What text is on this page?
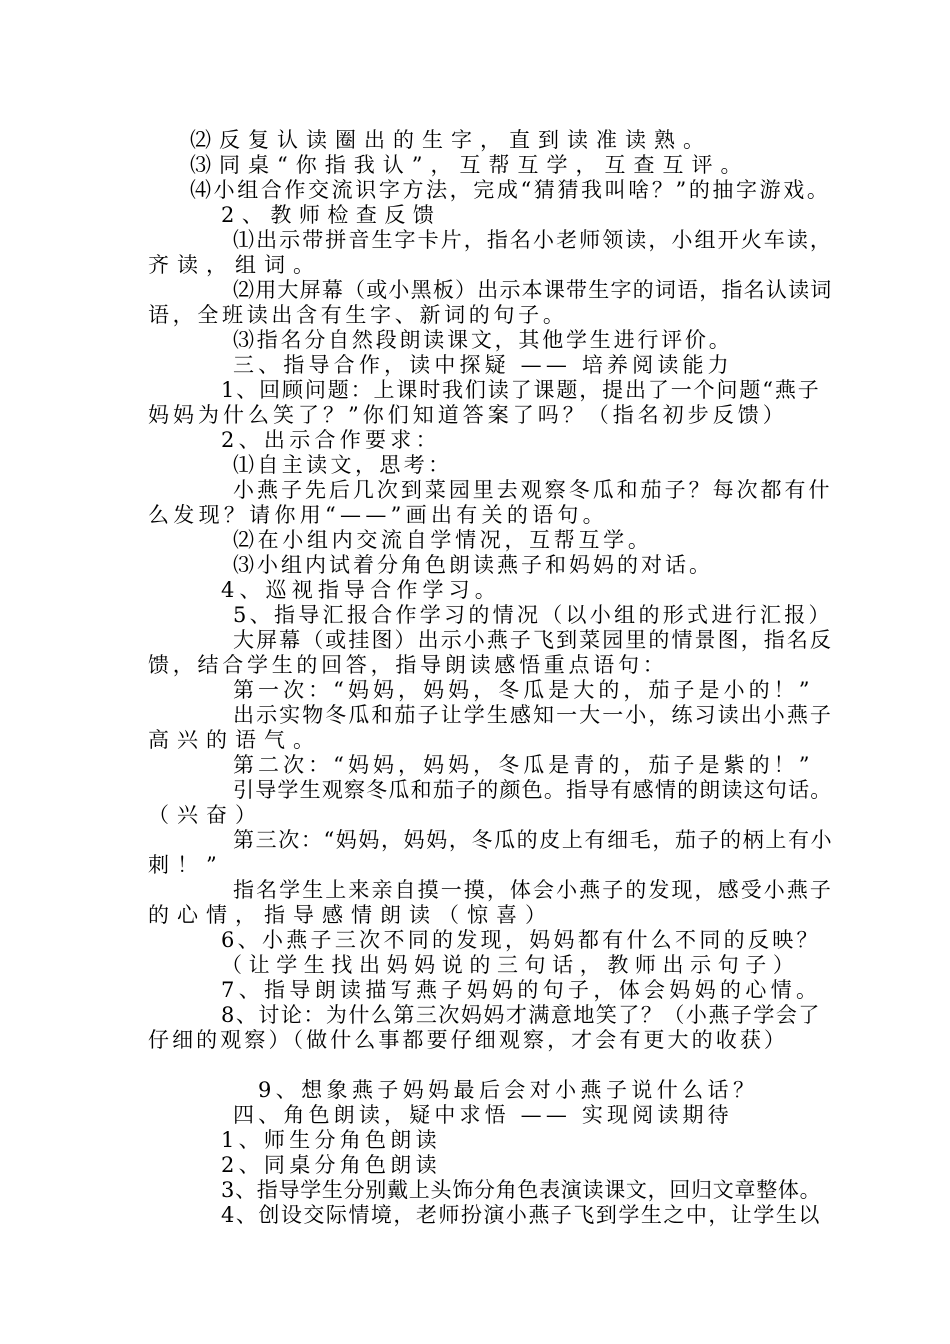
⑵反复认读圈出的生字，直到读准读熟。
⑶同桌“你指我认”，互帮互学，互查互评。
⑷小组合作交流识字方法，完成“猜猜我叫啥？”的抽字游戏。
2、教师检查反馈
⑴出示带拼音生字卡片，指名小老师领读，小组开火车读，
齐读，组词。
⑵用大屏幕（或小黑板）出示本课带生字的词语，指名认读词
语，全班读出含有生字、新词的句子。
⑶指名分自然段朗读课文，其他学生进行评价。
三、指导合作，读中探疑 —— 培养阅读能力
1、回顾问题：上课时我们读了课题，提出了一个问题“燕子
妈妈为什么笑了？”你们知道答案了吗？（指名初步反馈）
2、出示合作要求：
⑴自主读文，思考：
小燕子先后几次到菜园里去观察冬瓜和茄子？每次都有什
么发现？请你用“——”画出有关的语句。
⑵在小组内交流自学情况，互帮互学。
⑶小组内试着分角色朗读燕子和妈妈的对话。
4、巡视指导合作学习。
5、指导汇报合作学习的情况（以小组的形式进行汇报）
大屏幕（或挂图）出示小燕子飞到菜园里的情景图，指名反
馈，结合学生的回答，指导朗读感悟重点语句：
第一次：“妈妈，妈妈，冬瓜是大的，茄子是小的！”
出示实物冬瓜和茄子让学生感知一大一小，练习读出小燕子
高兴的语气。
第二次：“妈妈，妈妈，冬瓜是青的，茄子是紫的！”
引导学生观察冬瓜和茄子的颜色。指导有感情的朗读这句话。
（兴奋）
第三次：“妈妈，妈妈，冬瓜的皮上有细毛，茄子的柄上有小
刺！”
指名学生上来亲自摸一摸，体会小燕子的发现，感受小燕子
的心情，指导感情朗读（惊喜）
6、小燕子三次不同的发现，妈妈都有什么不同的反映？
（让学生找出妈妈说的三句话，教师出示句子）
7、指导朗读描写燕子妈妈的句子，体会妈妈的心情。
8、讨论：为什么第三次妈妈才满意地笑了？（小燕子学会了
仔细的观察）（做什么事都要仔细观察，才会有更大的收获）
9、想象燕子妈妈最后会对小燕子说什么话？
四、角色朗读，疑中求悟 —— 实现阅读期待
1、师生分角色朗读
2、同桌分角色朗读
3、指导学生分别戴上头饰分角色表演读课文，回归文章整体。
4、创设交际情境，老师扮演小燕子飞到学生之中，让学生以
